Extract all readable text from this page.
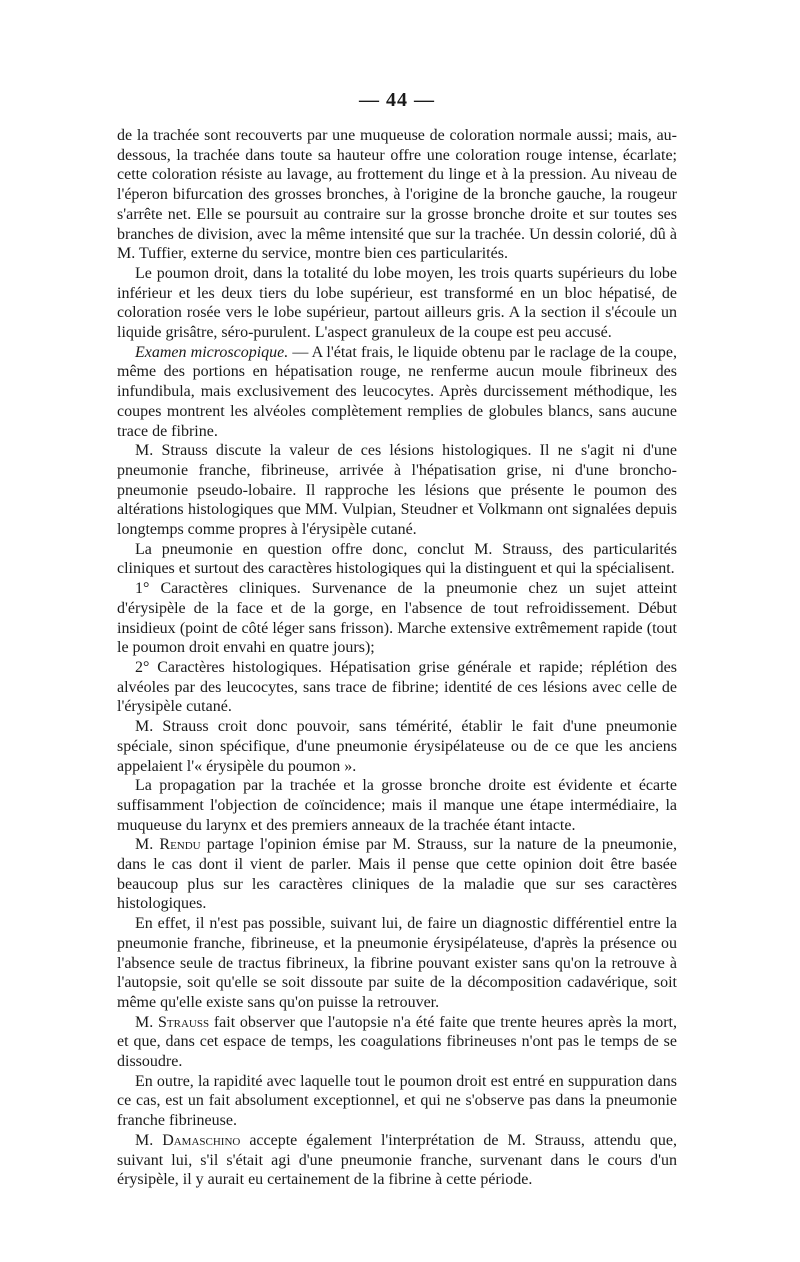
— 44 —

de la trachée sont recouverts par une muqueuse de coloration normale aussi; mais, au-dessous, la trachée dans toute sa hauteur offre une coloration rouge intense, écarlate; cette coloration résiste au lavage, au frottement du linge et à la pression. Au niveau de l'éperon bifurcation des grosses bronches, à l'origine de la bronche gauche, la rougeur s'arrête net. Elle se poursuit au contraire sur la grosse bronche droite et sur toutes ses branches de division, avec la même intensité que sur la trachée. Un dessin colorié, dû à M. Tuffier, externe du service, montre bien ces particularités.

Le poumon droit, dans la totalité du lobe moyen, les trois quarts supérieurs du lobe inférieur et les deux tiers du lobe supérieur, est transformé en un bloc hépatisé, de coloration rosée vers le lobe supérieur, partout ailleurs gris. A la section il s'écoule un liquide grisâtre, séro-purulent. L'aspect granuleux de la coupe est peu accusé.

Examen microscopique. — A l'état frais, le liquide obtenu par le raclage de la coupe, même des portions en hépatisation rouge, ne renferme aucun moule fibrineux des infundibula, mais exclusivement des leucocytes. Après durcissement méthodique, les coupes montrent les alvéoles complètement remplies de globules blancs, sans aucune trace de fibrine.

M. Strauss discute la valeur de ces lésions histologiques. Il ne s'agit ni d'une pneumonie franche, fibrineuse, arrivée à l'hépatisation grise, ni d'une broncho-pneumonie pseudo-lobaire. Il rapproche les lésions que présente le poumon des altérations histologiques que MM. Vulpian, Steudner et Volkmann ont signalées depuis longtemps comme propres à l'érysipèle cutané.

La pneumonie en question offre donc, conclut M. Strauss, des particularités cliniques et surtout des caractères histologiques qui la distinguent et qui la spécialisent.

1° Caractères cliniques. Survenance de la pneumonie chez un sujet atteint d'érysipèle de la face et de la gorge, en l'absence de tout refroidissement. Début insidieux (point de côté léger sans frisson). Marche extensive extrêmement rapide (tout le poumon droit envahi en quatre jours);

2° Caractères histologiques. Hépatisation grise générale et rapide; réplétion des alvéoles par des leucocytes, sans trace de fibrine; identité de ces lésions avec celle de l'érysipèle cutané.

M. Strauss croit donc pouvoir, sans témérité, établir le fait d'une pneumonie spéciale, sinon spécifique, d'une pneumonie érysipélateuse ou de ce que les anciens appelaient l'« érysipèle du poumon ».

La propagation par la trachée et la grosse bronche droite est évidente et écarte suffisamment l'objection de coïncidence; mais il manque une étape intermédiaire, la muqueuse du larynx et des premiers anneaux de la trachée étant intacte.

M. Rendu partage l'opinion émise par M. Strauss, sur la nature de la pneumonie, dans le cas dont il vient de parler. Mais il pense que cette opinion doit être basée beaucoup plus sur les caractères cliniques de la maladie que sur ses caractères histologiques.

En effet, il n'est pas possible, suivant lui, de faire un diagnostic différentiel entre la pneumonie franche, fibrineuse, et la pneumonie érysipélateuse, d'après la présence ou l'absence seule de tractus fibrineux, la fibrine pouvant exister sans qu'on la retrouve à l'autopsie, soit qu'elle se soit dissoute par suite de la décomposition cadavérique, soit même qu'elle existe sans qu'on puisse la retrouver.

M. Strauss fait observer que l'autopsie n'a été faite que trente heures après la mort, et que, dans cet espace de temps, les coagulations fibrineuses n'ont pas le temps de se dissoudre.

En outre, la rapidité avec laquelle tout le poumon droit est entré en suppuration dans ce cas, est un fait absolument exceptionnel, et qui ne s'observe pas dans la pneumonie franche fibrineuse.

M. Damaschino accepte également l'interprétation de M. Strauss, attendu que, suivant lui, s'il s'était agi d'une pneumonie franche, survenant dans le cours d'un érysipèle, il y aurait eu certainement de la fibrine à cette période.
